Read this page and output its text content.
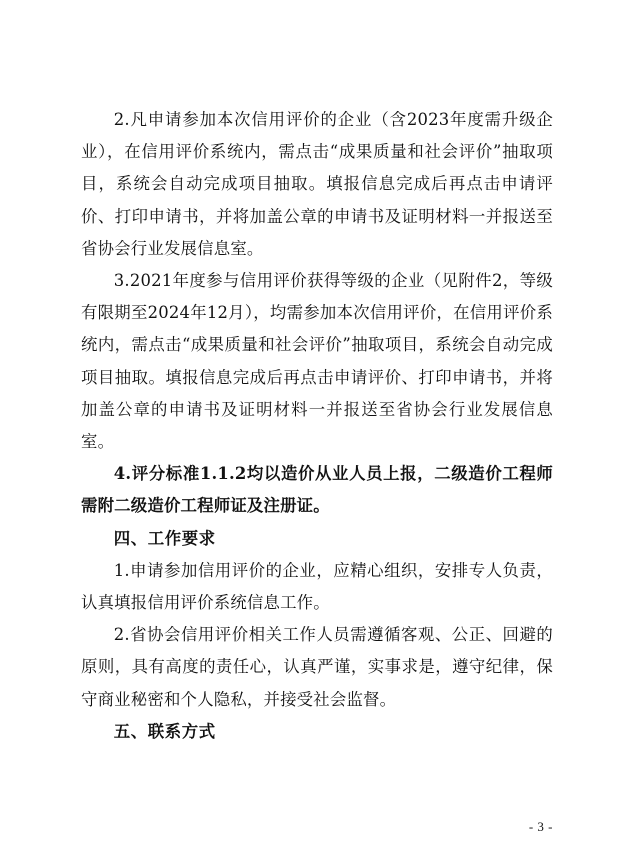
2.凡申请参加本次信用评价的企业（含2023年度需升级企业），在信用评价系统内，需点击“成果质量和社会评价”抽取项目，系统会自动完成项目抽取。填报信息完成后再点击申请评价、打印申请书，并将加盖公章的申请书及证明材料一并报送至省协会行业发展信息室。

3.2021年度参与信用评价获得等级的企业（见附件2，等级有限期至2024年12月），均需参加本次信用评价，在信用评价系统内，需点击“成果质量和社会评价”抽取项目，系统会自动完成项目抽取。填报信息完成后再点击申请评价、打印申请书，并将加盖公章的申请书及证明材料一并报送至省协会行业发展信息室。

4.评分标准1.1.2均以造价从业人员上报，二级造价工程师需附二级造价工程师证及注册证。

四、工作要求

1.申请参加信用评价的企业，应精心组织，安排专人负责，认真填报信用评价系统信息工作。

2.省协会信用评价相关工作人员需遵循客观、公正、回避的原则，具有高度的责任心，认真严谨，实事求是，遵守纪律，保守商业秘密和个人隐私，并接受社会监督。

五、联系方式

- 3 -
